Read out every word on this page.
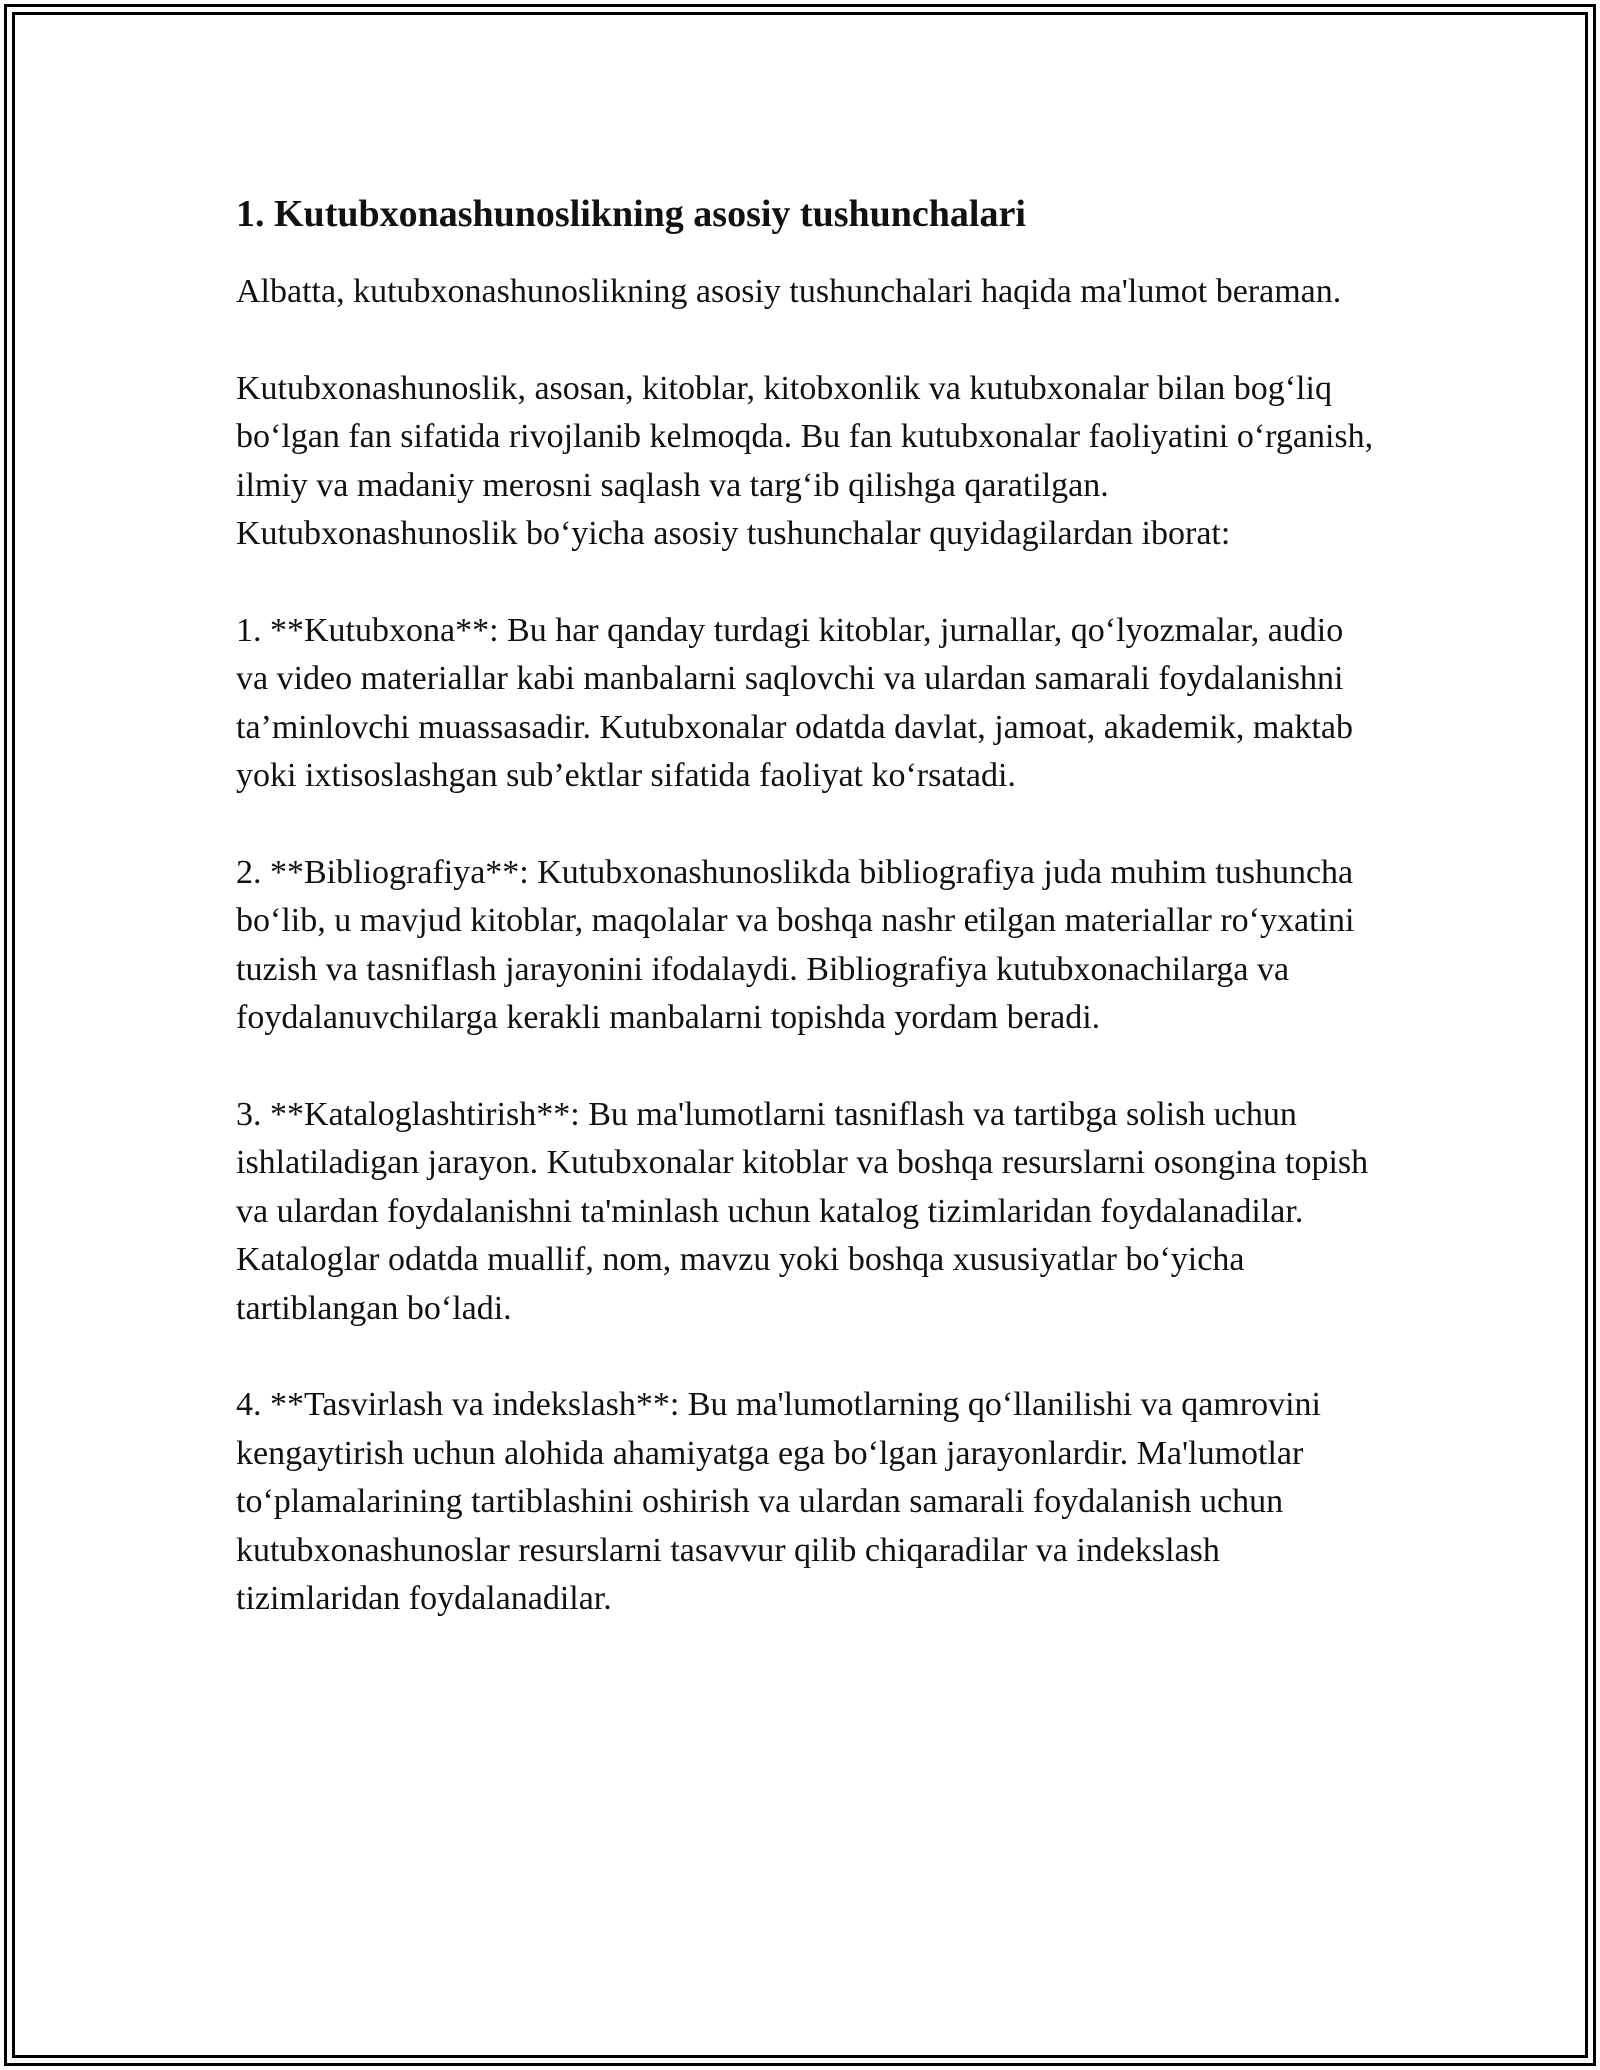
1. Kutubxonashunoslikning asosiy tushunchalari

Albatta, kutubxonashunoslikning asosiy tushunchalari haqida ma'lumot beraman.

Kutubxonashunoslik, asosan, kitoblar, kitobxonlik va kutubxonalar bilan bog‘liq bo‘lgan fan sifatida rivojlanib kelmoqda. Bu fan kutubxonalar faoliyatini o‘rganish, ilmiy va madaniy merosni saqlash va targ‘ib qilishga qaratilgan. Kutubxonashunoslik bo‘yicha asosiy tushunchalar quyidagilardan iborat:

1. **Kutubxona**: Bu har qanday turdagi kitoblar, jurnallar, qo‘lyozmalar, audio va video materiallar kabi manbalarni saqlovchi va ulardan samarali foydalanishni ta’minlovchi muassasadir. Kutubxonalar odatda davlat, jamoat, akademik, maktab yoki ixtisoslashgan sub’ektlar sifatida faoliyat ko‘rsatadi.

2. **Bibliografiya**: Kutubxonashunoslikda bibliografiya juda muhim tushuncha bo‘lib, u mavjud kitoblar, maqolalar va boshqa nashr etilgan materiallar ro‘yxatini tuzish va tasniflash jarayonini ifodalaydi. Bibliografiya kutubxonachilarga va foydalanuvchilarga kerakli manbalarni topishda yordam beradi.

3. **Kataloglashtirish**: Bu ma'lumotlarni tasniflash va tartibga solish uchun ishlatiladigan jarayon. Kutubxonalar kitoblar va boshqa resurslarni osongina topish va ulardan foydalanishni ta'minlash uchun katalog tizimlaridan foydalanadilar. Kataloglar odatda muallif, nom, mavzu yoki boshqa xususiyatlar bo‘yicha tartiblangan bo‘ladi.

4. **Tasvirlash va indekslash**: Bu ma'lumotlarning qo‘llanilishi va qamrovini kengaytirish uchun alohida ahamiyatga ega bo‘lgan jarayonlardir. Ma'lumotlar to‘plamalarining tartiblashini oshirish va ulardan samarali foydalanish uchun kutubxonashunoslar resurslarni tasavvur qilib chiqaradilar va indekslash tizimlaridan foydalanadilar.
